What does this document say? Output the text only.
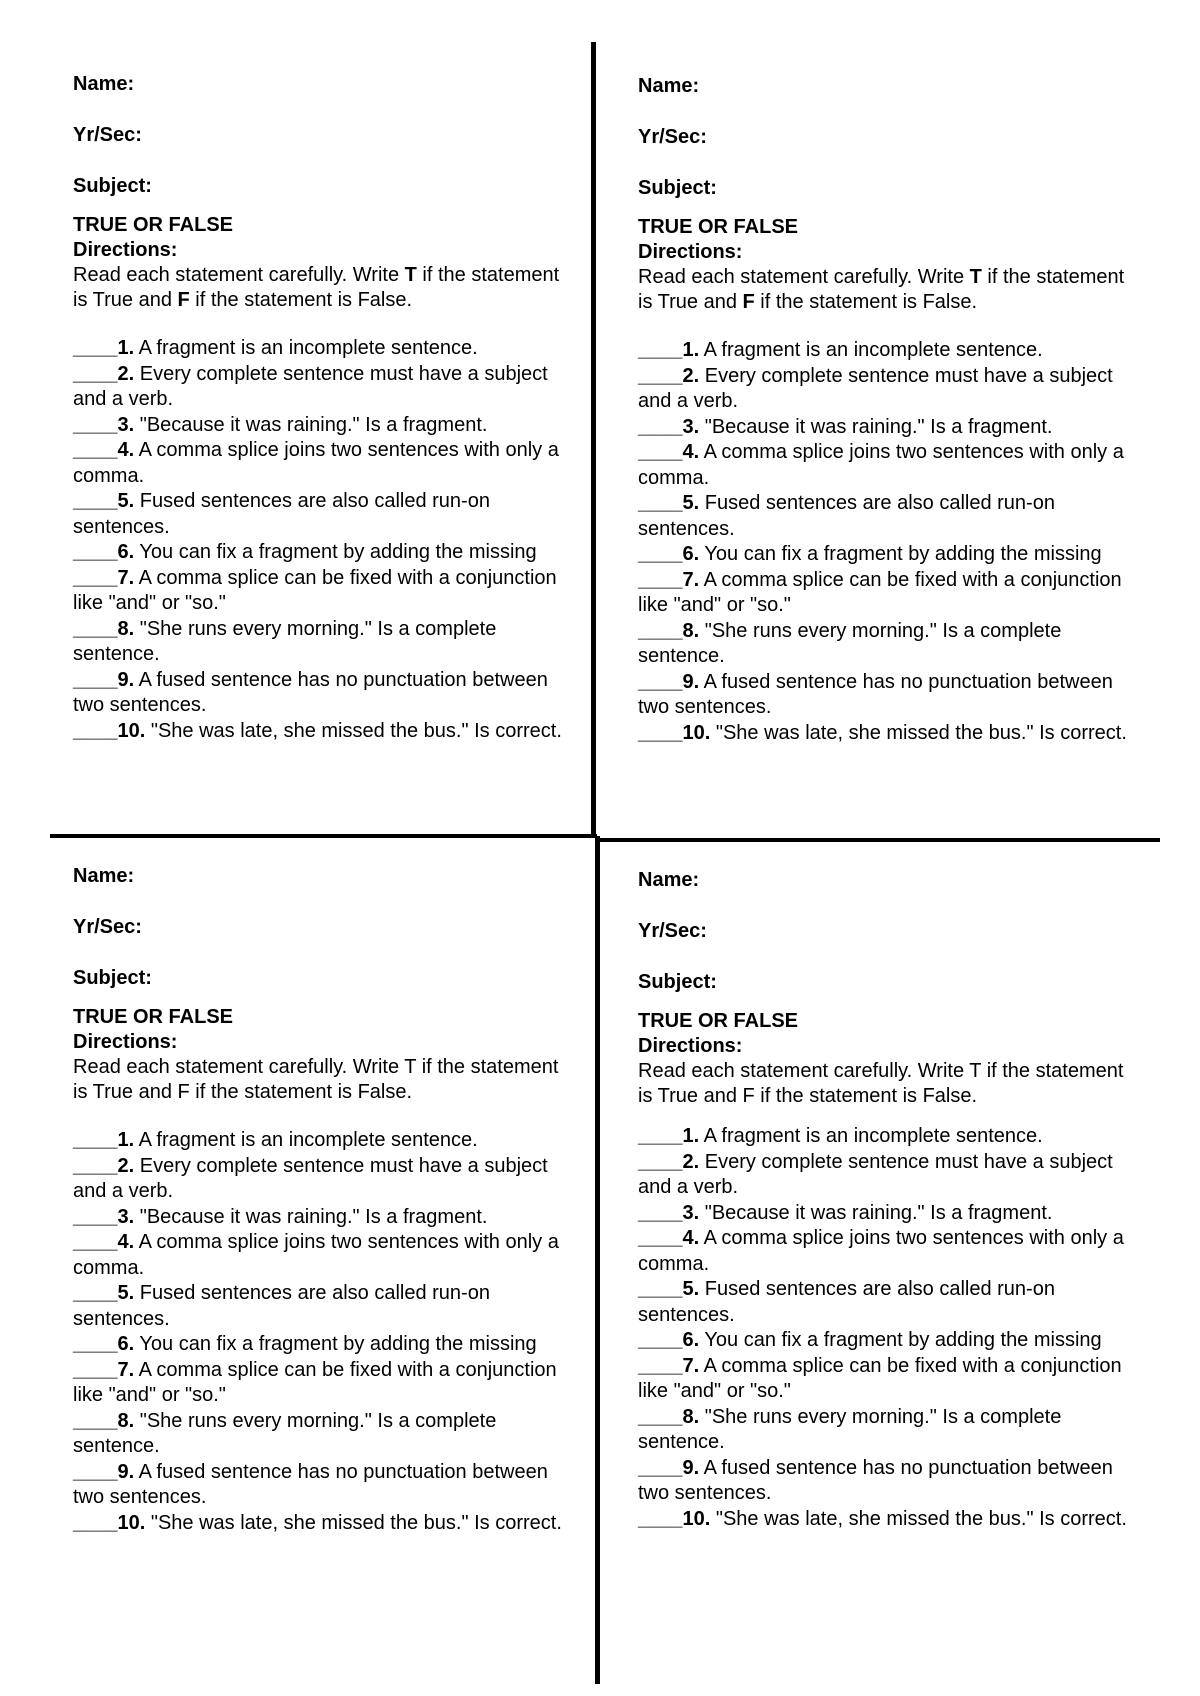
Name:
Yr/Sec:
Subject:
TRUE OR FALSE
Directions:
Read each statement carefully. Write T if the statement is True and F if the statement is False.
____1. A fragment is an incomplete sentence.
____2. Every complete sentence must have a subject and a verb.
____3. "Because it was raining." Is a fragment.
____4. A comma splice joins two sentences with only a comma.
____5. Fused sentences are also called run-on sentences.
____6. You can fix a fragment by adding the missing
____7. A comma splice can be fixed with a conjunction like "and" or "so."
____8. "She runs every morning." Is a complete sentence.
____9. A fused sentence has no punctuation between two sentences.
____10. "She was late, she missed the bus." Is correct.
Name:
Yr/Sec:
Subject:
TRUE OR FALSE
Directions:
Read each statement carefully. Write T if the statement is True and F if the statement is False.
____1. A fragment is an incomplete sentence.
____2. Every complete sentence must have a subject and a verb.
____3. "Because it was raining." Is a fragment.
____4. A comma splice joins two sentences with only a comma.
____5. Fused sentences are also called run-on sentences.
____6. You can fix a fragment by adding the missing
____7. A comma splice can be fixed with a conjunction like "and" or "so."
____8. "She runs every morning." Is a complete sentence.
____9. A fused sentence has no punctuation between two sentences.
____10. "She was late, she missed the bus." Is correct.
Name:
Yr/Sec:
Subject:
TRUE OR FALSE
Directions:
Read each statement carefully. Write T if the statement is True and F if the statement is False.
____1. A fragment is an incomplete sentence.
____2. Every complete sentence must have a subject and a verb.
____3. "Because it was raining." Is a fragment.
____4. A comma splice joins two sentences with only a comma.
____5. Fused sentences are also called run-on sentences.
____6. You can fix a fragment by adding the missing
____7. A comma splice can be fixed with a conjunction like "and" or "so."
____8. "She runs every morning." Is a complete sentence.
____9. A fused sentence has no punctuation between two sentences.
____10. "She was late, she missed the bus." Is correct.
Name:
Yr/Sec:
Subject:
TRUE OR FALSE
Directions:
Read each statement carefully. Write T if the statement is True and F if the statement is False.
____1. A fragment is an incomplete sentence.
____2. Every complete sentence must have a subject and a verb.
____3. "Because it was raining." Is a fragment.
____4. A comma splice joins two sentences with only a comma.
____5. Fused sentences are also called run-on sentences.
____6. You can fix a fragment by adding the missing
____7. A comma splice can be fixed with a conjunction like "and" or "so."
____8. "She runs every morning." Is a complete sentence.
____9. A fused sentence has no punctuation between two sentences.
____10. "She was late, she missed the bus." Is correct.
